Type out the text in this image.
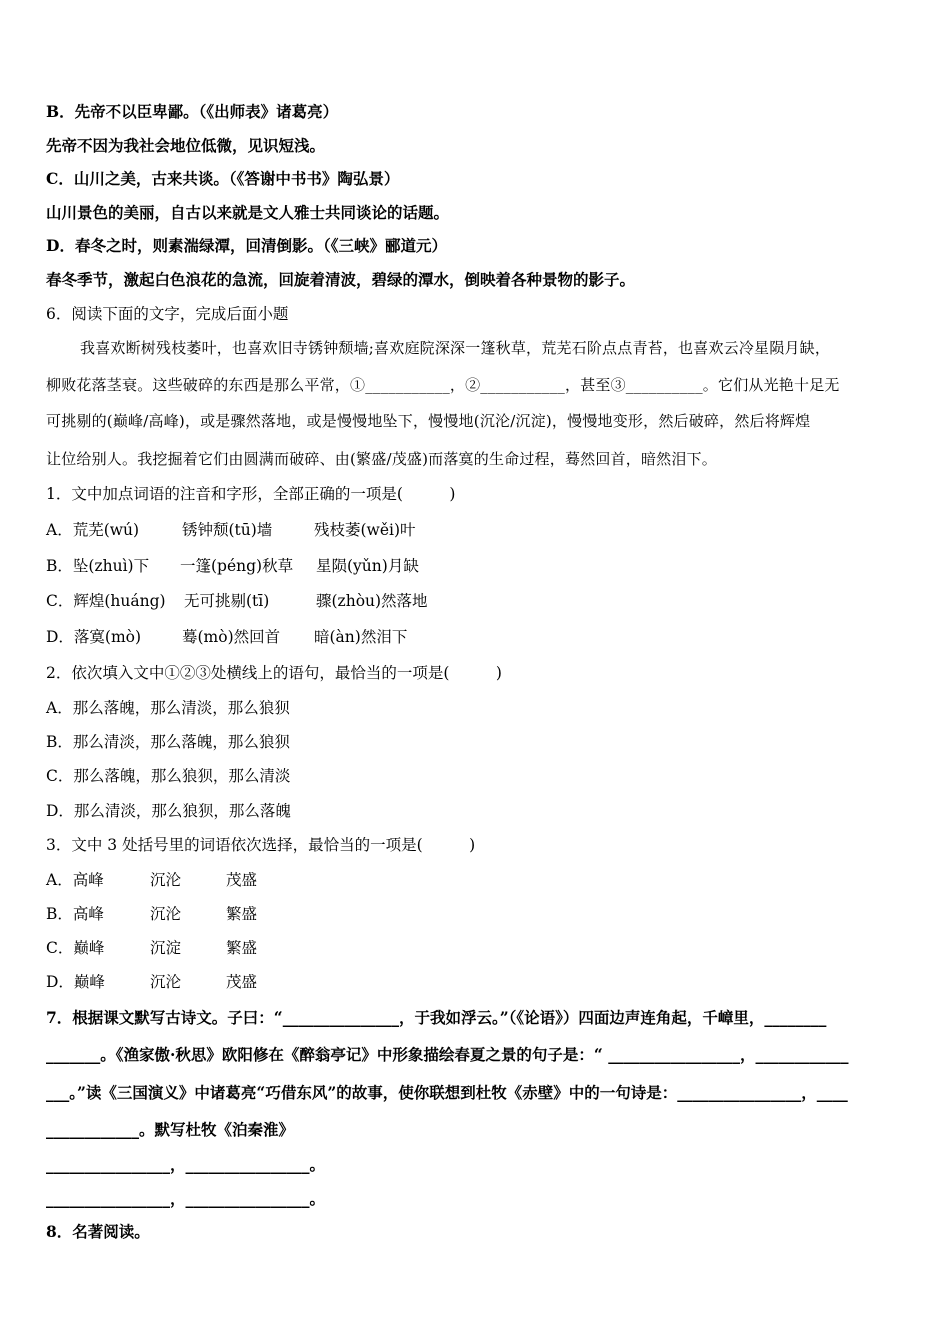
B．先帝不以臣卑鄙。（《出师表》诸葛亮）
先帝不因为我社会地位低微，见识短浅。
C．山川之美，古来共谈。（《答谢中书书》陶弘景）
山川景色的美丽，自古以来就是文人雅士共同谈论的话题。
D．春冬之时，则素湍绿潭，回清倒影。（《三峡》郦道元）
春冬季节，激起白色浪花的急流，回旋着清波，碧绿的潭水，倒映着各种景物的影子。
6．阅读下面的文字，完成后面小题
我喜欢断树残枝萎叶，也喜欢旧寺锈钟颓墙;喜欢庭院深深一篷秋草，荒芜石阶点点青苔，也喜欢云冷星陨月缺，
柳败花落茎衰。这些破碎的东西是那么平常，①___________，②___________，甚至③__________。它们从光艳十足无
可挑剔的(巅峰/高峰)，或是骤然落地，或是慢慢地坠下，慢慢地(沉沦/沉淀)，慢慢地变形，然后破碎，然后将辉煌
让位给别人。我挖掘着它们由圆满而破碎、由(繁盛/茂盛)而落寞的生命过程，蓦然回首，暗然泪下。
1．文中加点词语的注音和字形，全部正确的一项是(　　　)
A．荒芜(wú)	锈钟颓(tū)墙	残枝萎(wěi)叶
B．坠(zhuì)下 一篷(péng)秋草 星陨(yǔn)月缺
C．辉煌(huáng) 无可挑剔(tī)	骤(zhòu)然落地
D．落寞(mò)	蓦(mò)然回首 暗(àn)然泪下
2．依次填入文中①②③处横线上的语句，最恰当的一项是(　　　)
A．那么落魄，那么清淡，那么狼狈
B．那么清淡，那么落魄，那么狼狈
C．那么落魄，那么狼狈，那么清淡
D．那么清淡，那么狼狈，那么落魄
3．文中 3 处括号里的词语依次选择，最恰当的一项是(　　　)
A．高峰	沉沦	茂盛
B．高峰	沉沦	繁盛
C．巅峰	沉淀	繁盛
D．巅峰	沉沦	茂盛
7．根据课文默写古诗文。子曰：“_______________，于我如浮云。”（《论语》）四面边声连角起，千嶂里，________
_______。《渔家傲·秋思》欧阳修在《醉翁亭记》中形象描绘春夏之景的句子是：“ _________________，____________
___。”读《三国演义》中诸葛亮“巧借东风”的故事，使你联想到杜牧《赤壁》中的一句诗是：________________，____
____________。默写杜牧《泊秦淮》
________________，________________。
________________，________________。
8．名著阅读。
